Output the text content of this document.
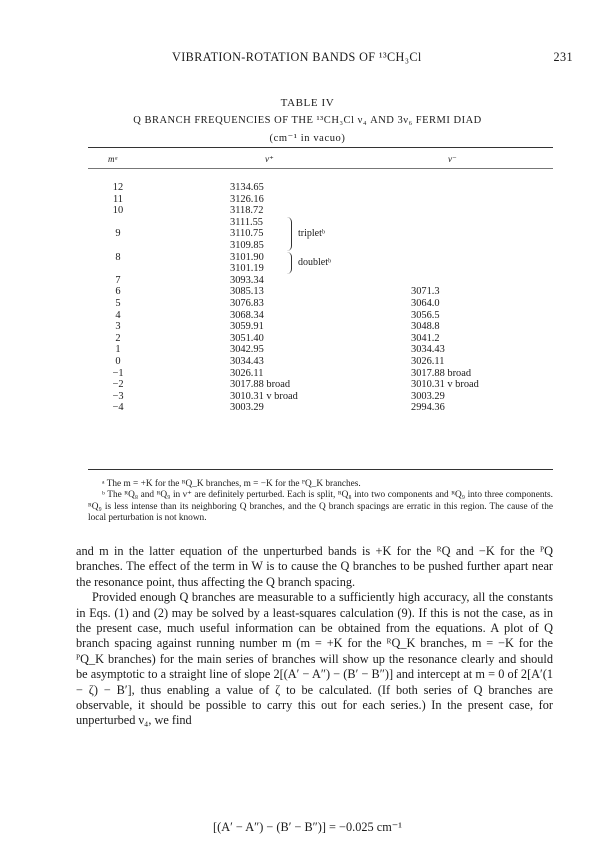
VIBRATION-ROTATION BANDS OF ¹³CH₃Cl	231
TABLE IV
Q BRANCH FREQUENCIES OF THE ¹³CH₃Cl ν₄ AND 3ν₆ FERMI DIAD
(cm⁻¹ in vacuo)
mᵃ	ν⁺	ν⁻
tripletᵇ
doubletᵇ
12	3134.65
11	3126.16
10	3118.72
3111.55
9	3110.75
3109.85
8	3101.90
3101.19
7	3093.34
6	3085.13	3071.3
5	3076.83	3064.0
4	3068.34	3056.5
3	3059.91	3048.8
2	3051.40	3041.2
1	3042.95	3034.43
0	3034.43	3026.11
−1	3026.11	3017.88 broad
−2	3017.88 broad	3010.31 v broad
−3	3010.31 v broad	3003.29
−4	3003.29	2994.36

ᵃ The m = +K for the ᴿQ_K branches, m = −K for the ᴾQ_K branches.

ᵇ The ᴿQ₈ and ᴿQ₉ in ν⁺ are definitely perturbed. Each is split, ᴿQ₈ into two components and ᴿQ₉ into three components. ᴿQ₉ is less intense than its neighboring Q branches, and the Q branch spacings are erratic in this region. The cause of the local perturbation is not known.

and m in the latter equation of the unperturbed bands is +K for the ᴿQ and −K for the ᴾQ branches. The effect of the term in W is to cause the Q branches to be pushed further apart near the resonance point, thus affecting the Q branch spacing.

Provided enough Q branches are measurable to a sufficiently high accuracy, all the constants in Eqs. (1) and (2) may be solved by a least-squares calculation (9). If this is not the case, as in the present case, much useful information can be obtained from the equations. A plot of Q branch spacing against running number m (m = +K for the ᴿQ_K branches, m = −K for the ᴾQ_K branches) for the main series of branches will show up the resonance clearly and should be asymptotic to a straight line of slope 2[(A′ − A″) − (B′ − B″)] and intercept at m = 0 of 2[A′(1 − ζ) − B′], thus enabling a value of ζ to be calculated. (If both series of Q branches are observable, it should be possible to carry this out for each series.) In the present case, for unperturbed ν₄, we find

[(A′ − A″) − (B′ − B″)] = −0.025 cm⁻¹
